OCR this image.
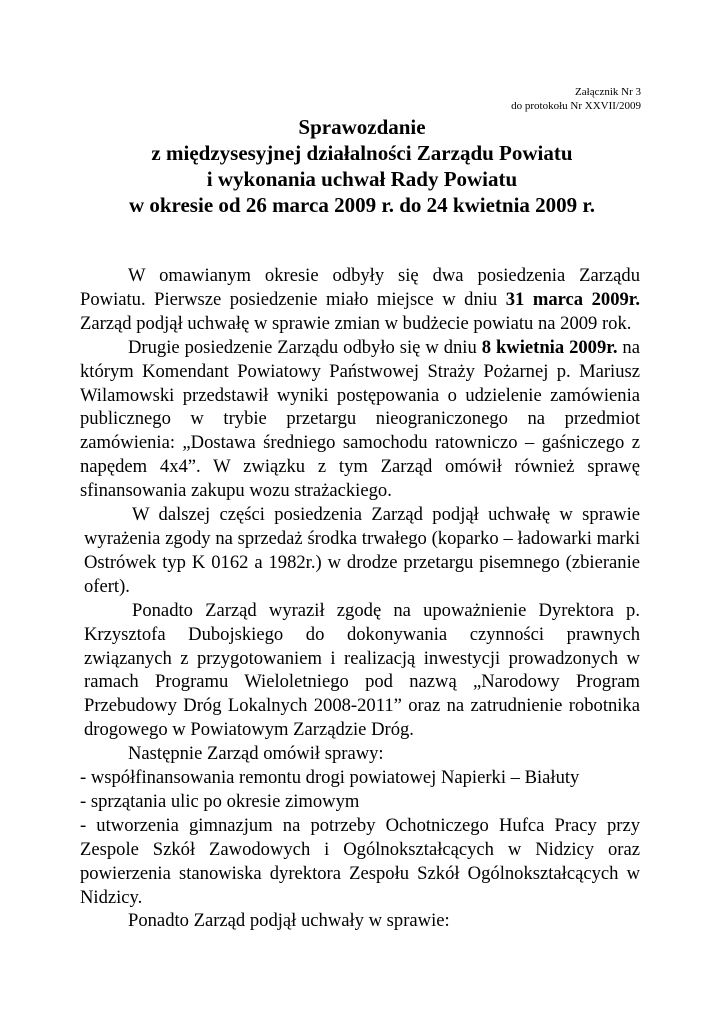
Załącznik Nr 3
do protokołu Nr XXVII/2009
Sprawozdanie
z międzysesyjnej działalności Zarządu Powiatu
i wykonania uchwał Rady Powiatu
w okresie od 26 marca 2009 r. do 24 kwietnia 2009 r.

W omawianym okresie odbyły się dwa posiedzenia Zarządu Powiatu. Pierwsze posiedzenie miało miejsce w dniu 31 marca 2009r. Zarząd podjął uchwałę w sprawie zmian w budżecie powiatu na 2009 rok.

Drugie posiedzenie Zarządu odbyło się w dniu 8 kwietnia 2009r. na którym Komendant Powiatowy Państwowej Straży Pożarnej p. Mariusz Wilamowski przedstawił wyniki postępowania o udzielenie zamówienia publicznego w trybie przetargu nieograniczonego na przedmiot zamówienia: „Dostawa średniego samochodu ratowniczo – gaśniczego z napędem 4x4”. W związku z tym Zarząd omówił również sprawę sfinansowania zakupu wozu strażackiego.

W dalszej części posiedzenia Zarząd podjął uchwałę w sprawie wyrażenia zgody na sprzedaż środka trwałego (koparko – ładowarki marki Ostrówek typ K 0162 a 1982r.) w drodze przetargu pisemnego (zbieranie ofert).

Ponadto Zarząd wyraził zgodę na upoważnienie Dyrektora p. Krzysztofa Dubojskiego do dokonywania czynności prawnych związanych z przygotowaniem i realizacją inwestycji prowadzonych w ramach Programu Wieloletniego pod nazwą „Narodowy Program Przebudowy Dróg Lokalnych 2008-2011” oraz na zatrudnienie robotnika drogowego w Powiatowym Zarządzie Dróg.

Następnie Zarząd omówił sprawy:

- współfinansowania remontu drogi powiatowej Napierki – Białuty

- sprzątania ulic po okresie zimowym

- utworzenia gimnazjum na potrzeby Ochotniczego Hufca Pracy przy Zespole Szkół Zawodowych i Ogólnokształcących w Nidzicy oraz powierzenia stanowiska dyrektora Zespołu Szkół Ogólnokształcących w Nidzicy.

Ponadto Zarząd podjął uchwały w sprawie:
